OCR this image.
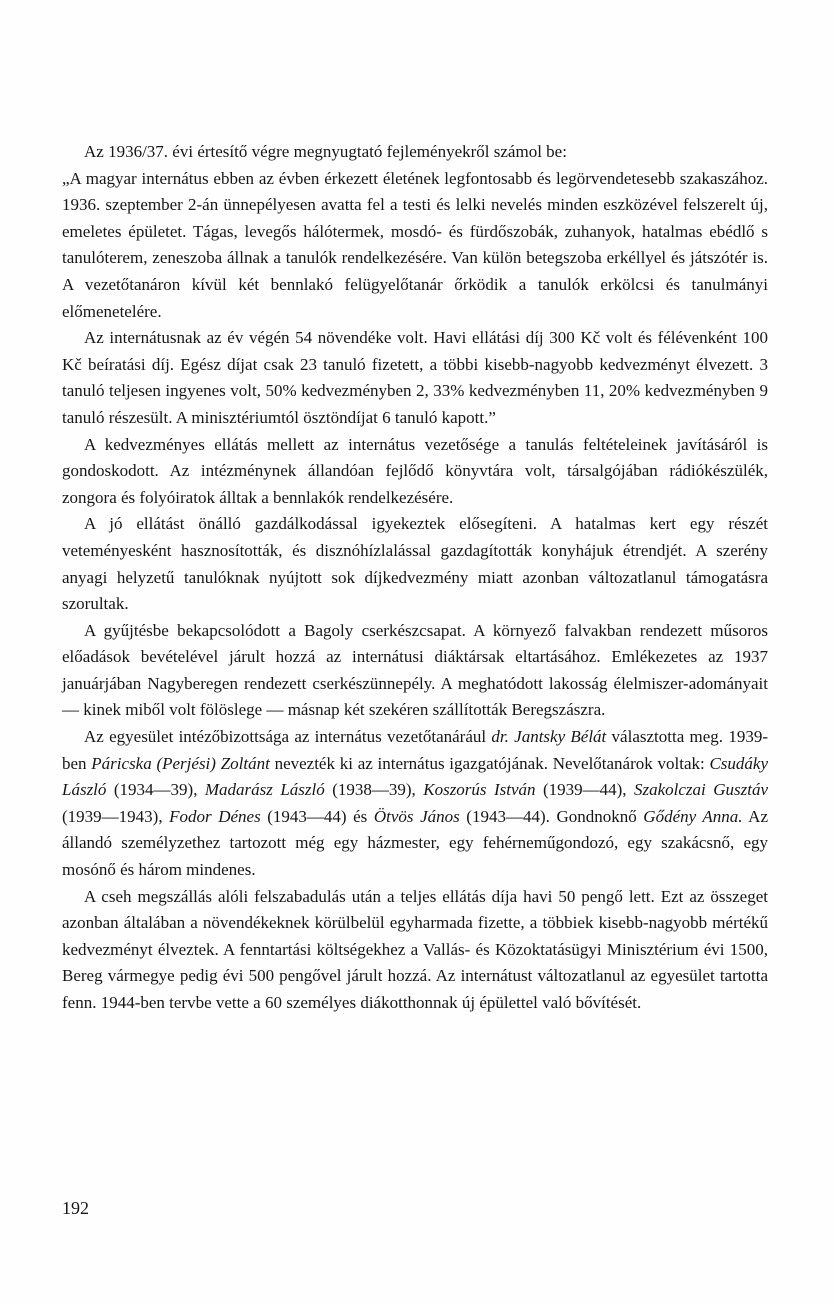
Az 1936/37. évi értesítő végre megnyugtató fejleményekről számol be:

„A magyar internátus ebben az évben érkezett életének legfontosabb és legörvendetesebb szakaszához. 1936. szeptember 2-án ünnepélyesen avatta fel a testi és lelki nevelés minden eszközével felszerelt új, emeletes épületet. Tágas, levegős hálótermek, mosdó- és fürdőszobák, zuhanyok, hatalmas ebédlő s tanulóterem, zeneszoba állnak a tanulók rendelkezésére. Van külön betegszoba erkéllyel és játszótér is. A vezetőtanáron kívül két bennlakó felügyelőtanár őrködik a tanulók erkölcsi és tanulmányi előmenetelére.

Az internátusnak az év végén 54 növendéke volt. Havi ellátási díj 300 Kč volt és félévenként 100 Kč beíratási díj. Egész díjat csak 23 tanuló fizetett, a többi kisebb-nagyobb kedvezményt élvezett. 3 tanuló teljesen ingyenes volt, 50% kedvezményben 2, 33% kedvezményben 11, 20% kedvezményben 9 tanuló részesült. A minisztériumtól ösztöndíjat 6 tanuló kapott.”

A kedvezményes ellátás mellett az internátus vezetősége a tanulás feltételeinek javításáról is gondoskodott. Az intézménynek állandóan fejlődő könyvtára volt, társalgójában rádiókészülék, zongora és folyóiratok álltak a bennlakók rendelkezésére.

A jó ellátást önálló gazdálkodással igyekeztek elősegíteni. A hatalmas kert egy részét veteményesként hasznosították, és disznóhízlalással gazdagították konyhájuk étrendjét. A szerény anyagi helyzetű tanulóknak nyújtott sok díjkedvezmény miatt azonban változatlanul támogatásra szorultak.

A gyűjtésbe bekapcsolódott a Bagoly cserkészcsapat. A környező falvakban rendezett műsoros előadások bevételével járult hozzá az internátusi diáktársak eltartásához. Emlékezetes az 1937 januárjában Nagyberegen rendezett cserkészünnepély. A meghatódott lakosság élelmiszer-adományait — kinek miből volt fölöslege — másnap két szekéren szállították Beregszászra.

Az egyesület intézőbizottsága az internátus vezetőtanárául dr. Jantsky Bélát választotta meg. 1939-ben Páricska (Perjési) Zoltánt nevezték ki az internátus igazgatójának. Nevelőtanárok voltak: Csudáky László (1934—39), Madarász László (1938—39), Koszorús István (1939—44), Szakolczai Gusztáv (1939—1943), Fodor Dénes (1943—44) és Ötvös János (1943—44). Gondnoknő Gődény Anna. Az állandó személyzethez tartozott még egy házmester, egy fehérneműgondozó, egy szakácsnő, egy mosónő és három mindenes.

A cseh megszállás alóli felszabadulás után a teljes ellátás díja havi 50 pengő lett. Ezt az összeget azonban általában a növendékeknek körülbelül egyharmada fizette, a többiek kisebb-nagyobb mértékű kedvezményt élveztek. A fenntartási költségekhez a Vallás- és Közoktatásügyi Minisztérium évi 1500, Bereg vármegye pedig évi 500 pengővel járult hozzá. Az internátust változatlanul az egyesület tartotta fenn. 1944-ben tervbe vette a 60 személyes diákotthonnak új épülettel való bővítését.

192
